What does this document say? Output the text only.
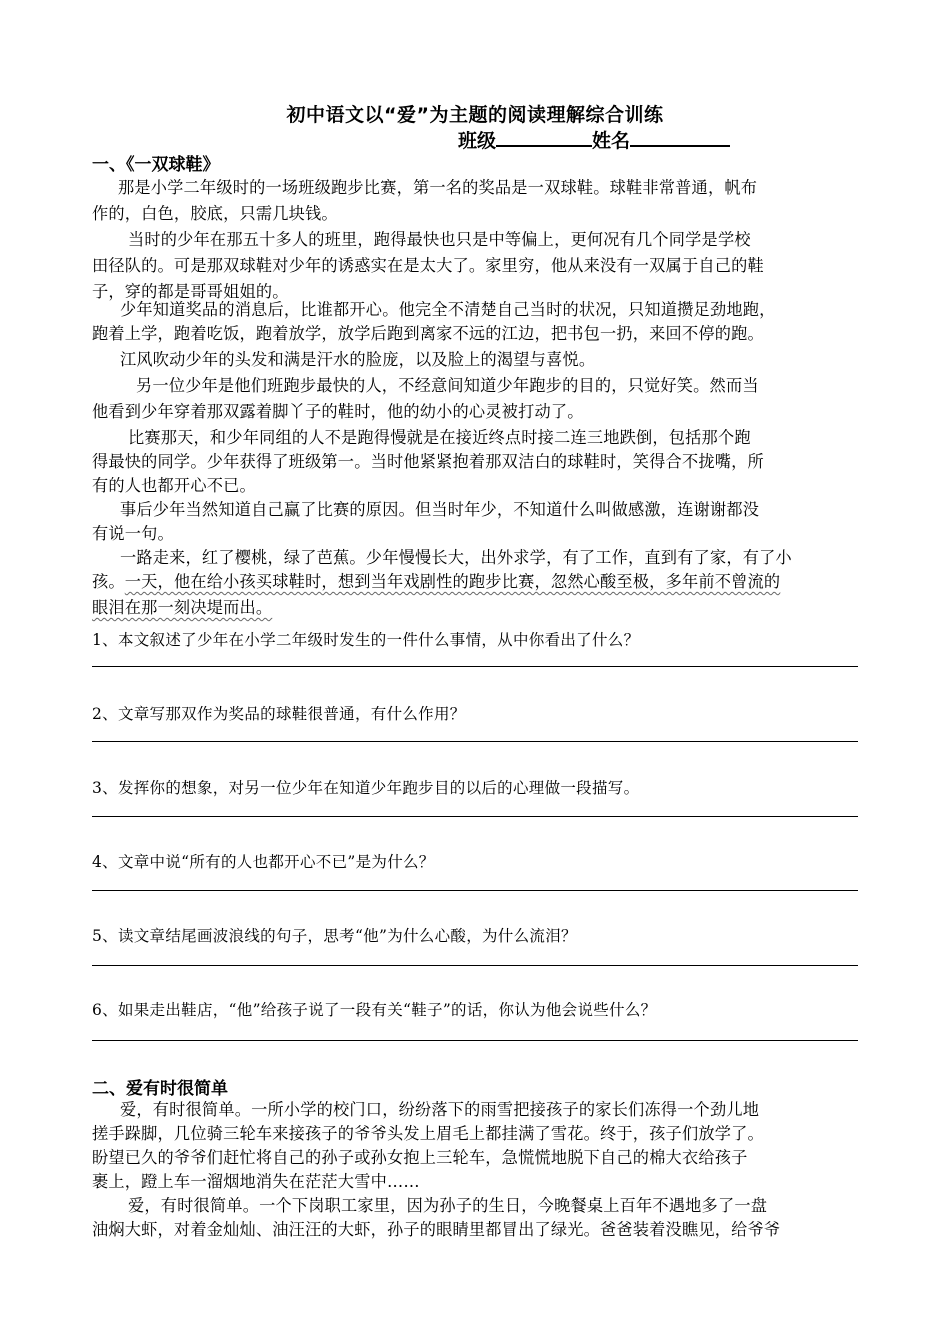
初中语文以“爱”为主题的阅读理解综合训练
班级	姓名
一、《一双球鞋》
那是小学二年级时的一场班级跑步比赛，第一名的奖品是一双球鞋。球鞋非常普通，帆布
作的，白色，胶底，只需几块钱。
当时的少年在那五十多人的班里，跑得最快也只是中等偏上，更何况有几个同学是学校
田径队的。可是那双球鞋对少年的诱惑实在是太大了。家里穷，他从来没有一双属于自己的鞋
子，穿的都是哥哥姐姐的。
少年知道奖品的消息后，比谁都开心。他完全不清楚自己当时的状况，只知道攒足劲地跑，
跑着上学，跑着吃饭，跑着放学，放学后跑到离家不远的江边，把书包一扔，来回不停的跑。
江风吹动少年的头发和满是汗水的脸庞，以及脸上的渴望与喜悦。
另一位少年是他们班跑步最快的人，不经意间知道少年跑步的目的，只觉好笑。然而当
他看到少年穿着那双露着脚丫子的鞋时，他的幼小的心灵被打动了。
比赛那天，和少年同组的人不是跑得慢就是在接近终点时接二连三地跌倒，包括那个跑
得最快的同学。少年获得了班级第一。当时他紧紧抱着那双洁白的球鞋时，笑得合不拢嘴，所
有的人也都开心不已。
事后少年当然知道自己赢了比赛的原因。但当时年少，不知道什么叫做感激，连谢谢都没
有说一句。
一路走来，红了樱桃，绿了芭蕉。少年慢慢长大，出外求学，有了工作，直到有了家，有了小
孩。一天，他在给小孩买球鞋时，想到当年戏剧性的跑步比赛，忽然心酸至极，多年前不曾流的
眼泪在那一刻决堤而出。
1、本文叙述了少年在小学二年级时发生的一件什么事情，从中你看出了什么？
2、文章写那双作为奖品的球鞋很普通，有什么作用？
3、发挥你的想象，对另一位少年在知道少年跑步目的以后的心理做一段描写。
4、文章中说“所有的人也都开心不已”是为什么？
5、读文章结尾画波浪线的句子，思考“他”为什么心酸，为什么流泪？
6、如果走出鞋店，“他”给孩子说了一段有关“鞋子”的话，你认为他会说些什么？
二、爱有时很简单
爱，有时很简单。一所小学的校门口，纷纷落下的雨雪把接孩子的家长们冻得一个劲儿地
搓手跺脚，几位骑三轮车来接孩子的爷爷头发上眉毛上都挂满了雪花。终于，孩子们放学了。
盼望已久的爷爷们赶忙将自己的孙子或孙女抱上三轮车，急慌慌地脱下自己的棉大衣给孩子
裹上，蹬上车一溜烟地消失在茫茫大雪中……
爱，有时很简单。一个下岗职工家里，因为孙子的生日，今晚餐桌上百年不遇地多了一盘
油焖大虾，对着金灿灿、油汪汪的大虾，孙子的眼睛里都冒出了绿光。爸爸装着没瞧见，给爷爷
